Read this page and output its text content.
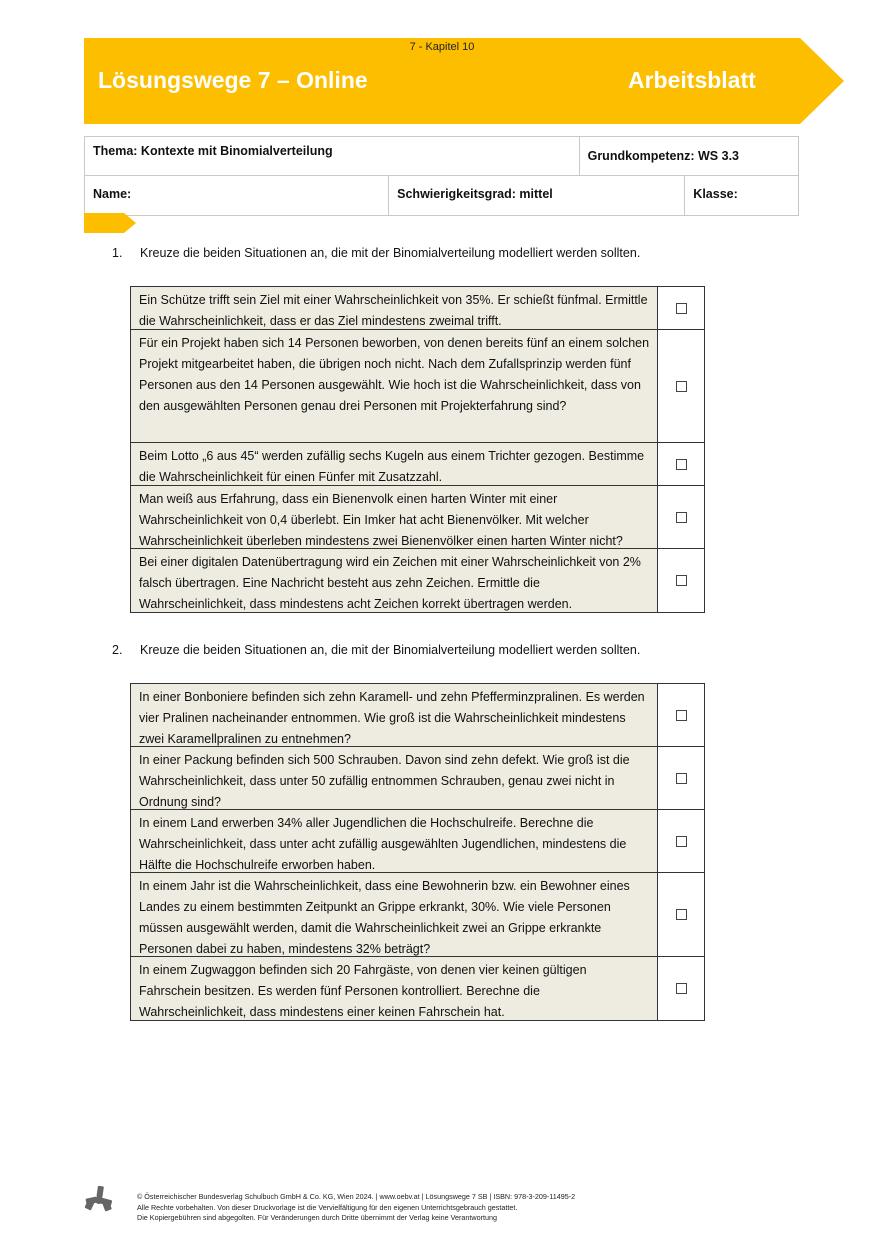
7 - Kapitel 10
Lösungswege 7 – Online	Arbeitsblatt
Thema: Kontexte mit Binomialverteilung	Grundkompetenz: WS 3.3
Name:	Schwierigkeitsgrad: mittel	Klasse:
1.	Kreuze die beiden Situationen an, die mit der Binomialverteilung modelliert werden sollten.
Ein Schütze trifft sein Ziel mit einer Wahrscheinlichkeit von 35%. Er schießt fünfmal. Ermittle die Wahrscheinlichkeit, dass er das Ziel mindestens zweimal trifft.
Für ein Projekt haben sich 14 Personen beworben, von denen bereits fünf an einem solchen Projekt mitgearbeitet haben, die übrigen noch nicht. Nach dem Zufallsprinzip werden fünf Personen aus den 14 Personen ausgewählt. Wie hoch ist die Wahrscheinlichkeit, dass von den ausgewählten Personen genau drei Personen mit Projekterfahrung sind?
Beim Lotto „6 aus 45“ werden zufällig sechs Kugeln aus einem Trichter gezogen. Bestimme die Wahrscheinlichkeit für einen Fünfer mit Zusatzzahl.
Man weiß aus Erfahrung, dass ein Bienenvolk einen harten Winter mit einer Wahrscheinlichkeit von 0,4 überlebt. Ein Imker hat acht Bienenvölker. Mit welcher Wahrscheinlichkeit überleben mindestens zwei Bienenvölker einen harten Winter nicht?
Bei einer digitalen Datenübertragung wird ein Zeichen mit einer Wahrscheinlichkeit von 2% falsch übertragen. Eine Nachricht besteht aus zehn Zeichen. Ermittle die Wahrscheinlichkeit, dass mindestens acht Zeichen korrekt übertragen werden.
2.	Kreuze die beiden Situationen an, die mit der Binomialverteilung modelliert werden sollten.
In einer Bonboniere befinden sich zehn Karamell- und zehn Pfefferminzpralinen. Es werden vier Pralinen nacheinander entnommen. Wie groß ist die Wahrscheinlichkeit mindestens zwei Karamellpralinen zu entnehmen?
In einer Packung befinden sich 500 Schrauben. Davon sind zehn defekt. Wie groß ist die Wahrscheinlichkeit, dass unter 50 zufällig entnommen Schrauben, genau zwei nicht in Ordnung sind?
In einem Land erwerben 34% aller Jugendlichen die Hochschulreife. Berechne die Wahrscheinlichkeit, dass unter acht zufällig ausgewählten Jugendlichen, mindestens die Hälfte die Hochschulreife erworben haben.
In einem Jahr ist die Wahrscheinlichkeit, dass eine Bewohnerin bzw. ein Bewohner eines Landes zu einem bestimmten Zeitpunkt an Grippe erkrankt, 30%. Wie viele Personen müssen ausgewählt werden, damit die Wahrscheinlichkeit zwei an Grippe erkrankte Personen dabei zu haben, mindestens 32% beträgt?
In einem Zugwaggon befinden sich 20 Fahrgäste, von denen vier keinen gültigen Fahrschein besitzen. Es werden fünf Personen kontrolliert. Berechne die Wahrscheinlichkeit, dass mindestens einer keinen Fahrschein hat.
© Österreichischer Bundesverlag Schulbuch GmbH & Co. KG, Wien 2024. | www.oebv.at | Lösungswege 7 SB | ISBN: 978-3-209-11495-2
Alle Rechte vorbehalten. Von dieser Druckvorlage ist die Vervielfältigung für den eigenen Unterrichtsgebrauch gestattet.
Die Kopiergebühren sind abgegolten. Für Veränderungen durch Dritte übernimmt der Verlag keine Verantwortung
